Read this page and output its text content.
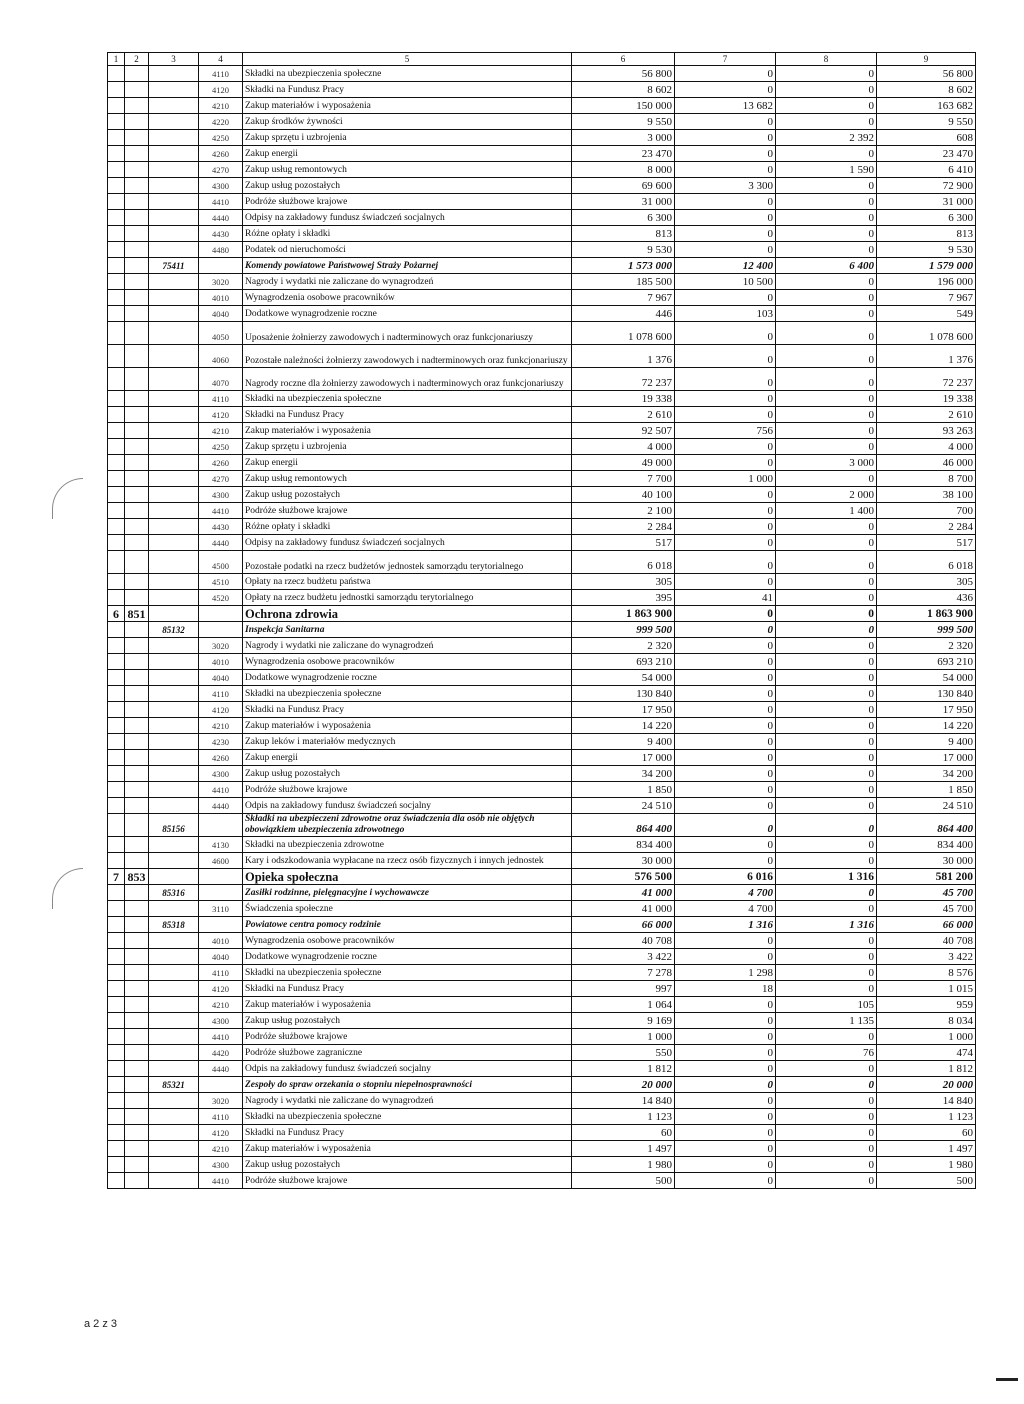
1	2	3	4	5	6	7	8	9
			4110	Składki na ubezpieczenia społeczne	56 800	0	0	56 800
			4120	Składki na Fundusz Pracy	8 602	0	0	8 602
			4210	Zakup materiałów i wyposażenia	150 000	13 682	0	163 682
			4220	Zakup środków żywności	9 550	0	0	9 550
			4250	Zakup sprzętu i uzbrojenia	3 000	0	2 392	608
			4260	Zakup energii	23 470	0	0	23 470
			4270	Zakup usług remontowych	8 000	0	1 590	6 410
			4300	Zakup usług pozostałych	69 600	3 300	0	72 900
			4410	Podróże służbowe krajowe	31 000	0	0	31 000
			4440	Odpisy na zakładowy fundusz świadczeń socjalnych	6 300	0	0	6 300
			4430	Różne opłaty i składki	813	0	0	813
			4480	Podatek od nieruchomości	9 530	0	0	9 530
		75411		Komendy powiatowe Państwowej Straży Pożarnej	1 573 000	12 400	6 400	1 579 000
			3020	Nagrody i wydatki nie zaliczane do wynagrodzeń	185 500	10 500	0	196 000
			4010	Wynagrodzenia osobowe pracowników	7 967	0	0	7 967
			4040	Dodatkowe wynagrodzenie roczne	446	103	0	549
			4050	Uposażenie żołnierzy zawodowych i nadterminowych oraz funkcjonariuszy	1 078 600	0	0	1 078 600
			4060	Pozostałe należności żołnierzy zawodowych i nadterminowych oraz funkcjonariuszy	1 376	0	0	1 376
			4070	Nagrody roczne dla żołnierzy zawodowych i nadterminowych oraz funkcjonariuszy	72 237	0	0	72 237
			4110	Składki na ubezpieczenia społeczne	19 338	0	0	19 338
			4120	Składki na Fundusz Pracy	2 610	0	0	2 610
			4210	Zakup materiałów i wyposażenia	92 507	756	0	93 263
			4250	Zakup sprzętu i uzbrojenia	4 000	0	0	4 000
			4260	Zakup energii	49 000	0	3 000	46 000
			4270	Zakup usług remontowych	7 700	1 000	0	8 700
			4300	Zakup usług pozostałych	40 100	0	2 000	38 100
			4410	Podróże służbowe krajowe	2 100	0	1 400	700
			4430	Różne opłaty i składki	2 284	0	0	2 284
			4440	Odpisy na zakładowy fundusz świadczeń socjalnych	517	0	0	517
			4500	Pozostałe podatki na rzecz budżetów jednostek samorządu terytorialnego	6 018	0	0	6 018
			4510	Opłaty na rzecz budżetu państwa	305	0	0	305
			4520	Opłaty na rzecz budżetu jednostki samorządu terytorialnego	395	41	0	436
6	851			Ochrona zdrowia	1 863 900	0	0	1 863 900
		85132		Inspekcja Sanitarna	999 500	0	0	999 500
			3020	Nagrody i wydatki nie zaliczane do wynagrodzeń	2 320	0	0	2 320
			4010	Wynagrodzenia osobowe pracowników	693 210	0	0	693 210
			4040	Dodatkowe wynagrodzenie roczne	54 000	0	0	54 000
			4110	Składki na ubezpieczenia społeczne	130 840	0	0	130 840
			4120	Składki na Fundusz Pracy	17 950	0	0	17 950
			4210	Zakup materiałów i wyposażenia	14 220	0	0	14 220
			4230	Zakup leków i materiałów medycznych	9 400	0	0	9 400
			4260	Zakup energii	17 000	0	0	17 000
			4300	Zakup usług pozostałych	34 200	0	0	34 200
			4410	Podróże służbowe krajowe	1 850	0	0	1 850
			4440	Odpis na zakładowy fundusz świadczeń socjalny	24 510	0	0	24 510
		85156		Składki na ubezpieczeni zdrowotne oraz świadczenia dla osób nie objętych obowiązkiem ubezpieczenia zdrowotnego	864 400	0	0	864 400
			4130	Składki na ubezpieczenia zdrowotne	834 400	0	0	834 400
			4600	Kary i odszkodowania wypłacane na rzecz osób fizycznych i innych jednostek	30 000	0	0	30 000
7	853			Opieka społeczna	576 500	6 016	1 316	581 200
		85316		Zasiłki rodzinne, pielęgnacyjne i wychowawcze	41 000	4 700	0	45 700
			3110	Świadczenia społeczne	41 000	4 700	0	45 700
		85318		Powiatowe centra pomocy rodzinie	66 000	1 316	1 316	66 000
			4010	Wynagrodzenia osobowe pracowników	40 708	0	0	40 708
			4040	Dodatkowe wynagrodzenie roczne	3 422	0	0	3 422
			4110	Składki na ubezpieczenia społeczne	7 278	1 298	0	8 576
			4120	Składki na Fundusz Pracy	997	18	0	1 015
			4210	Zakup materiałów i wyposażenia	1 064	0	105	959
			4300	Zakup usług pozostałych	9 169	0	1 135	8 034
			4410	Podróże służbowe krajowe	1 000	0	0	1 000
			4420	Podróże służbowe zagraniczne	550	0	76	474
			4440	Odpis na zakładowy fundusz świadczeń socjalny	1 812	0	0	1 812
		85321		Zespoły do spraw orzekania o stopniu niepełnosprawności	20 000	0	0	20 000
			3020	Nagrody i wydatki nie zaliczane do wynagrodzeń	14 840	0	0	14 840
			4110	Składki na ubezpieczenia społeczne	1 123	0	0	1 123
			4120	Składki na Fundusz Pracy	60	0	0	60
			4210	Zakup materiałów i wyposażenia	1 497	0	0	1 497
			4300	Zakup usług pozostałych	1 980	0	0	1 980
			4410	Podróże służbowe krajowe	500	0	0	500
a 2 z 3
